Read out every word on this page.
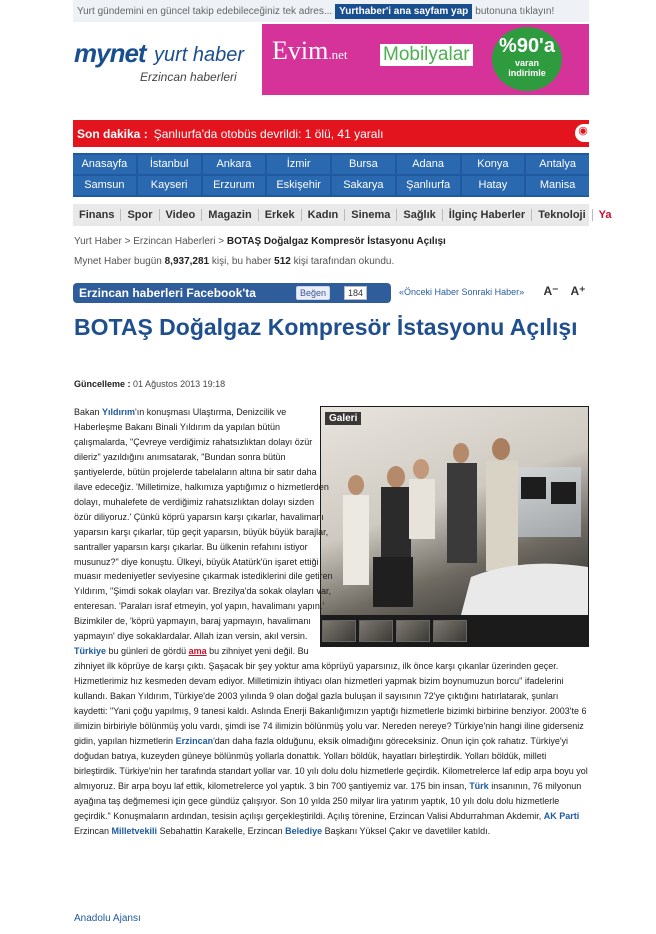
Yurt gündemini en güncel takip edebileceğiniz tek adres... Yurthaber'i ana sayfam yap butonuna tıklayın!
mynet yurt haber
Erzincan haberleri
Evim.net Mobilyalar	%90'a
varan
indirimle
Son dakika : Şanlıurfa'da otobüs devrildi: 1 ölü, 41 yaralı	◉
Anasayfa	İstanbul	Ankara	İzmir	Bursa	Adana	Konya	Antalya
Samsun	Kayseri	Erzurum	Eskişehir	Sakarya	Şanlıurfa	Hatay	Manisa
Finans	Spor	Video	Magazin	Erkek	Kadın	Sinema	Sağlık	İlginç Haberler	Teknoloji	Ya
Yurt Haber > Erzincan Haberleri > BOTAŞ Doğalgaz Kompresör İstasyonu Açılışı
Mynet Haber bugün 8,937,281 kişi, bu haber 512 kişi tarafından okundu.
Erzincan haberleri Facebook'ta	Beğen	184	«Önceki Haber Sonraki Haber» A⁻ A⁺
BOTAŞ Doğalgaz Kompresör İstasyonu Açılışı
Güncelleme : 01 Ağustos 2013 19:18
Galeri
Bakan Yıldırım'ın konuşması Ulaştırma, Denizcilik ve Haberleşme Bakanı Binali Yıldırım da yapılan bütün çalışmalarda, "Çevreye verdiğimiz rahatsızlıktan dolayı özür dileriz" yazıldığını anımsatarak, "Bundan sonra bütün şantiyelerde, bütün projelerde tabelaların altına bir satır daha ilave edeceğiz. 'Milletimize, halkımıza yaptığımız o hizmetlerden dolayı, muhalefete de verdiğimiz rahatsızlıktan dolayı sizden özür diliyoruz.' Çünkü köprü yaparsın karşı çıkarlar, havalimanı yaparsın karşı çıkarlar, tüp geçit yaparsın, büyük büyük barajlar, santraller yaparsın karşı çıkarlar. Bu ülkenin refahını istiyor musunuz?" diye konuştu. Ülkeyi, büyük Atatürk'ün işaret ettiği muasır medeniyetler seviyesine çıkarmak istediklerini dile getiren Yıldırım, "Şimdi sokak olayları var. Brezilya'da sokak olayları var, enteresan. 'Paraları israf etmeyin, yol yapın, havalimanı yapın.' Bizimkiler de, 'köprü yapmayın, baraj yapmayın, havalimanı yapmayın' diye sokaklardalar. Allah izan versin, akıl versin. Türkiye bu günleri de gördü ama bu zihniyet yeni değil. Bu zihniyet ilk köprüye de karşı çıktı. Şaşacak bir şey yoktur ama köprüyü yaparsınız, ilk önce karşı çıkanlar üzerinden geçer. Hizmetlerimiz hız kesmeden devam ediyor. Milletimizin ihtiyacı olan hizmetleri yapmak bizim boynumuzun borcu" ifadelerini kullandı. Bakan Yıldırım, Türkiye'de 2003 yılında 9 olan doğal gazla buluşan il sayısının 72'ye çıktığını hatırlatarak, şunları kaydetti: "Yani çoğu yapılmış, 9 tanesi kaldı. Aslında Enerji Bakanlığımızın yaptığı hizmetlerle bizimki birbirine benziyor. 2003'te 6 ilimizin birbiriyle bölünmüş yolu vardı, şimdi ise 74 ilimizin bölünmüş yolu var. Nereden nereye? Türkiye'nin hangi iline giderseniz gidin, yapılan hizmetlerin Erzincan'dan daha fazla olduğunu, eksik olmadığını göreceksiniz. Onun için çok rahatız. Türkiye'yi doğudan batıya, kuzeyden güneye bölünmüş yollarla donattık. Yolları böldük, hayatları birleştirdik. Yolları böldük, milleti birleştirdik. Türkiye'nin her tarafında standart yollar var. 10 yılı dolu dolu hizmetlerle geçirdik. Kilometrelerce laf edip arpa boyu yol almıyoruz. Bir arpa boyu laf ettik, kilometrelerce yol yaptık. 3 bin 700 şantiyemiz var. 175 bin insan, Türk insanının, 76 milyonun ayağına taş değmemesi için gece gündüz çalışıyor. Son 10 yılda 250 milyar lira yatırım yaptık, 10 yılı dolu dolu hizmetlerle geçirdik." Konuşmaların ardından, tesisin açılışı gerçekleştirildi. Açılış törenine, Erzincan Valisi Abdurrahman Akdemir, AK Parti Erzincan Milletvekili Sebahattin Karakelle, Erzincan Belediye Başkanı Yüksel Çakır ve davetliler katıldı.
Anadolu Ajansı
